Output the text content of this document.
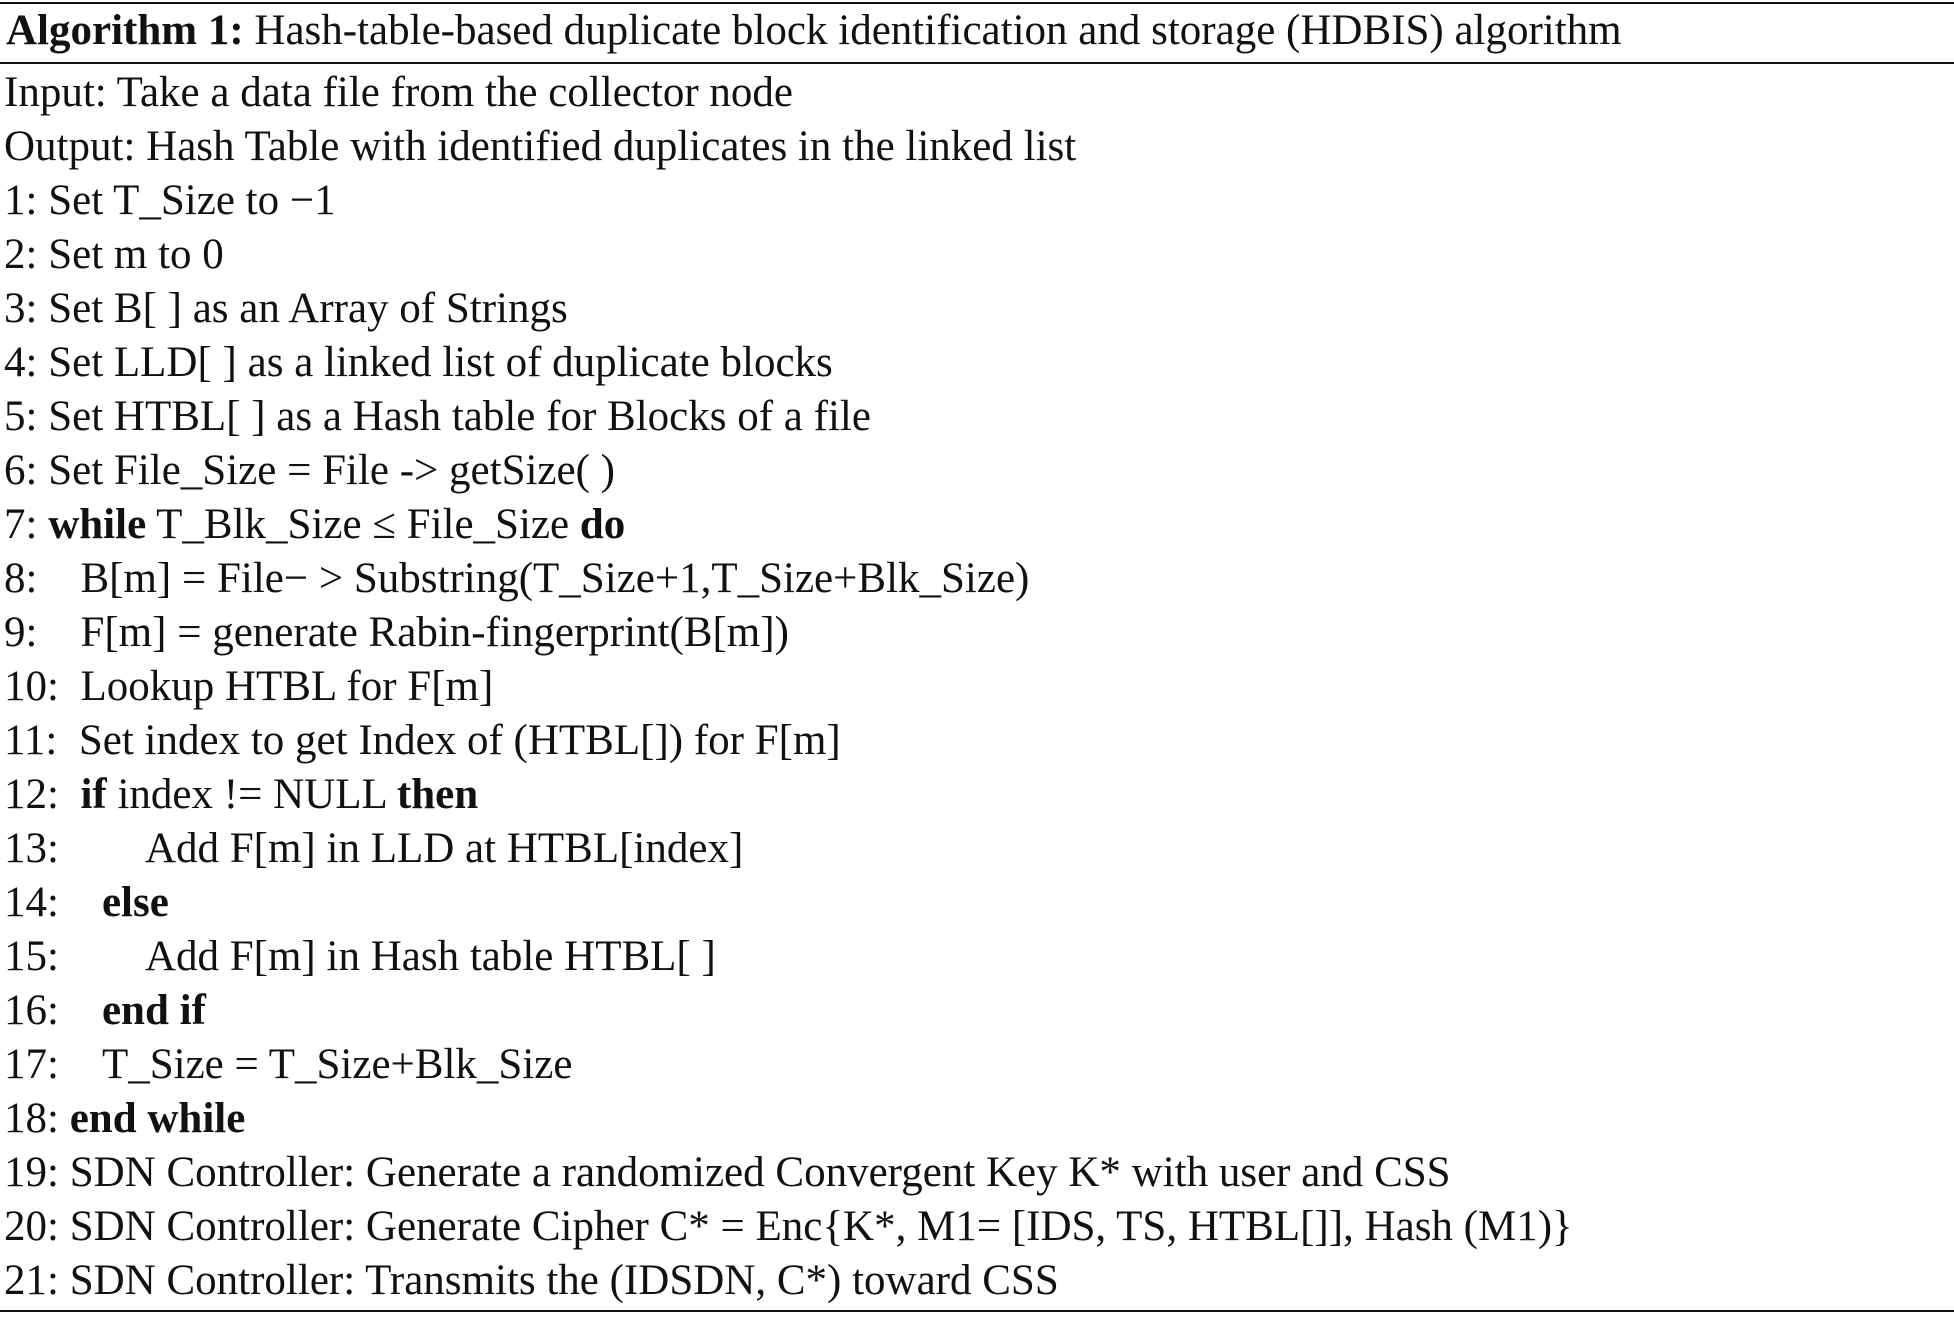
Algorithm 1: Hash-table-based duplicate block identification and storage (HDBIS) algorithm
Input: Take a data file from the collector node
Output: Hash Table with identified duplicates in the linked list
1: Set T_Size to −1
2: Set m to 0
3: Set B[ ] as an Array of Strings
4: Set LLD[ ] as a linked list of duplicate blocks
5: Set HTBL[ ] as a Hash table for Blocks of a file
6: Set File_Size = File -> getSize( )
7: while T_Blk_Size ≤ File_Size do
8:    B[m] = File− > Substring(T_Size+1,T_Size+Blk_Size)
9:    F[m] = generate Rabin-fingerprint(B[m])
10:  Lookup HTBL for F[m]
11:  Set index to get Index of (HTBL[]) for F[m]
12:  if index != NULL then
13:        Add F[m] in LLD at HTBL[index]
14:    else
15:        Add F[m] in Hash table HTBL[ ]
16:    end if
17:    T_Size = T_Size+Blk_Size
18: end while
19: SDN Controller: Generate a randomized Convergent Key K* with user and CSS
20: SDN Controller: Generate Cipher C* = Enc{K*, M1= [IDS, TS, HTBL[]], Hash (M1)}
21: SDN Controller: Transmits the (IDSDN, C*) toward CSS
